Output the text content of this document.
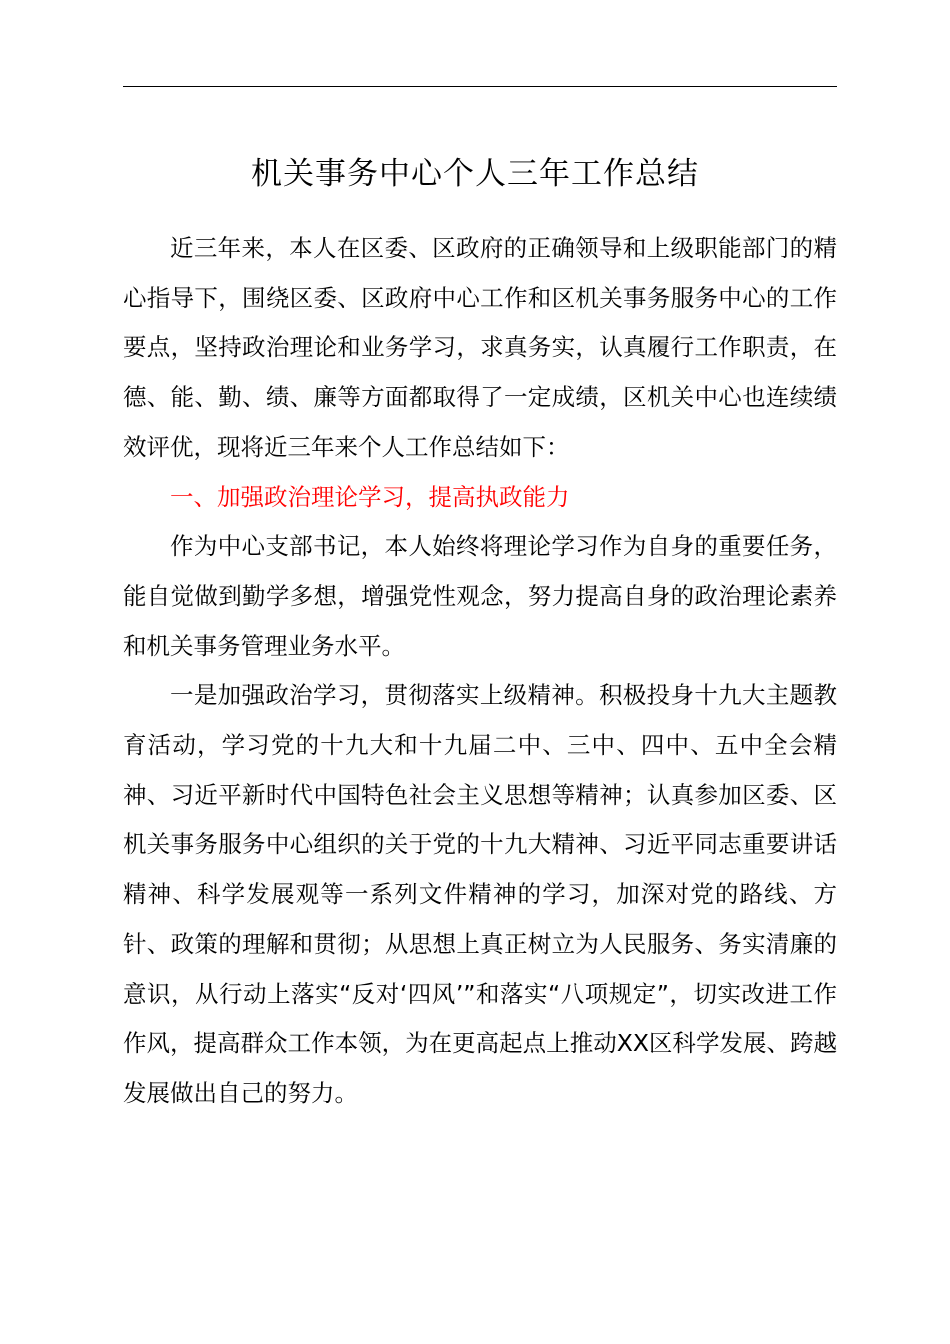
机关事务中心个人三年工作总结

近三年来，本人在区委、区政府的正确领导和上级职能部门的精心指导下，围绕区委、区政府中心工作和区机关事务服务中心的工作要点，坚持政治理论和业务学习，求真务实，认真履行工作职责，在德、能、勤、绩、廉等方面都取得了一定成绩，区机关中心也连续绩效评优，现将近三年来个人工作总结如下：

一、加强政治理论学习，提高执政能力

作为中心支部书记，本人始终将理论学习作为自身的重要任务，能自觉做到勤学多想，增强党性观念，努力提高自身的政治理论素养和机关事务管理业务水平。

一是加强政治学习，贯彻落实上级精神。积极投身十九大主题教育活动，学习党的十九大和十九届二中、三中、四中、五中全会精神、习近平新时代中国特色社会主义思想等精神；认真参加区委、区机关事务服务中心组织的关于党的十九大精神、习近平同志重要讲话精神、科学发展观等一系列文件精神的学习，加深对党的路线、方针、政策的理解和贯彻；从思想上真正树立为人民服务、务实清廉的意识，从行动上落实“反对‘四风’”和落实“八项规定”，切实改进工作作风，提高群众工作本领，为在更高起点上推动XX区科学发展、跨越发展做出自己的努力。
